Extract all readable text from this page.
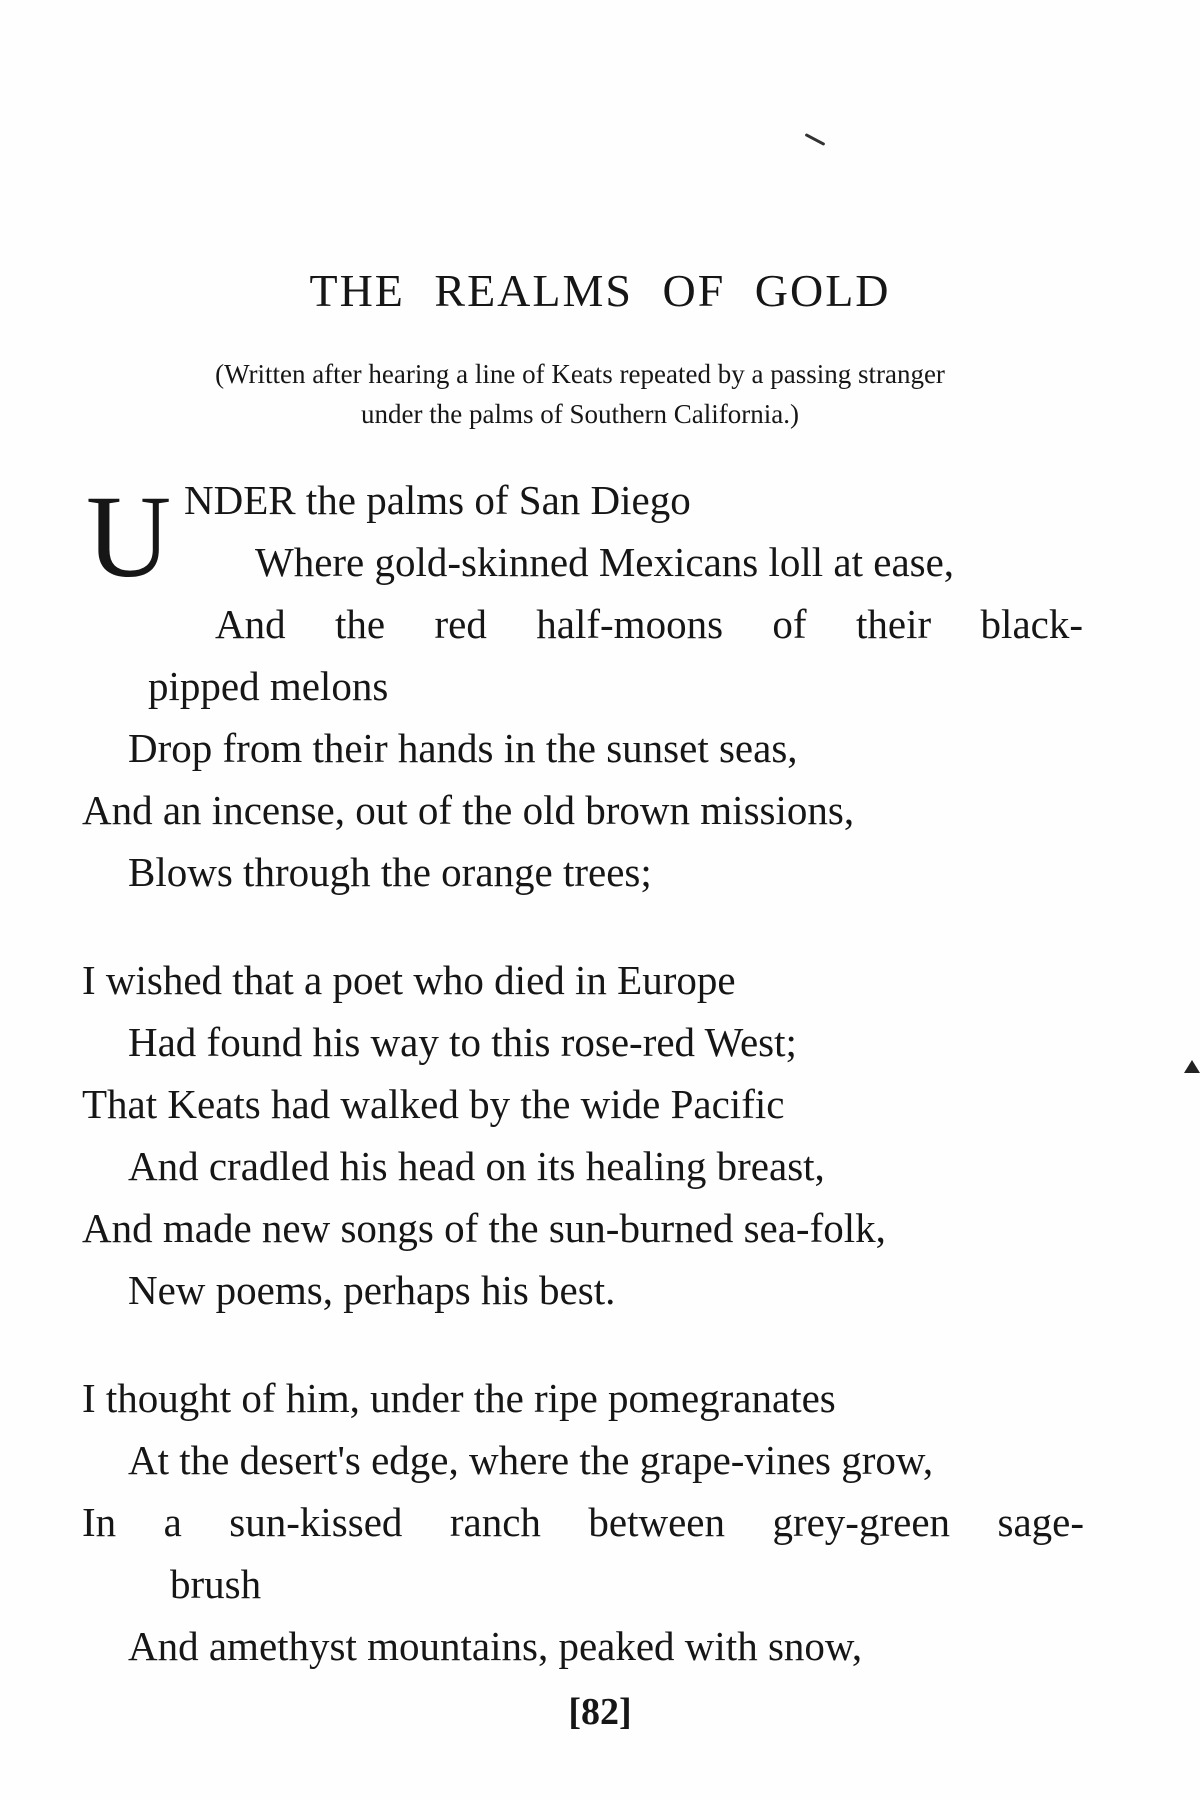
THE REALMS OF GOLD
(Written after hearing a line of Keats repeated by a passing stranger
under the palms of Southern California.)
U NDER the palms of San Diego
Where gold-skinned Mexicans loll at ease,
And the red half-moons of their black-
pipped melons
Drop from their hands in the sunset seas,
And an incense, out of the old brown missions,
Blows through the orange trees;
I wished that a poet who died in Europe
Had found his way to this rose-red West;
That Keats had walked by the wide Pacific
And cradled his head on its healing breast,
And made new songs of the sun-burned sea-folk,
New poems, perhaps his best.
I thought of him, under the ripe pomegranates
At the desert's edge, where the grape-vines grow,
In a sun-kissed ranch between grey-green sage-
brush
And amethyst mountains, peaked with snow,
[82]
